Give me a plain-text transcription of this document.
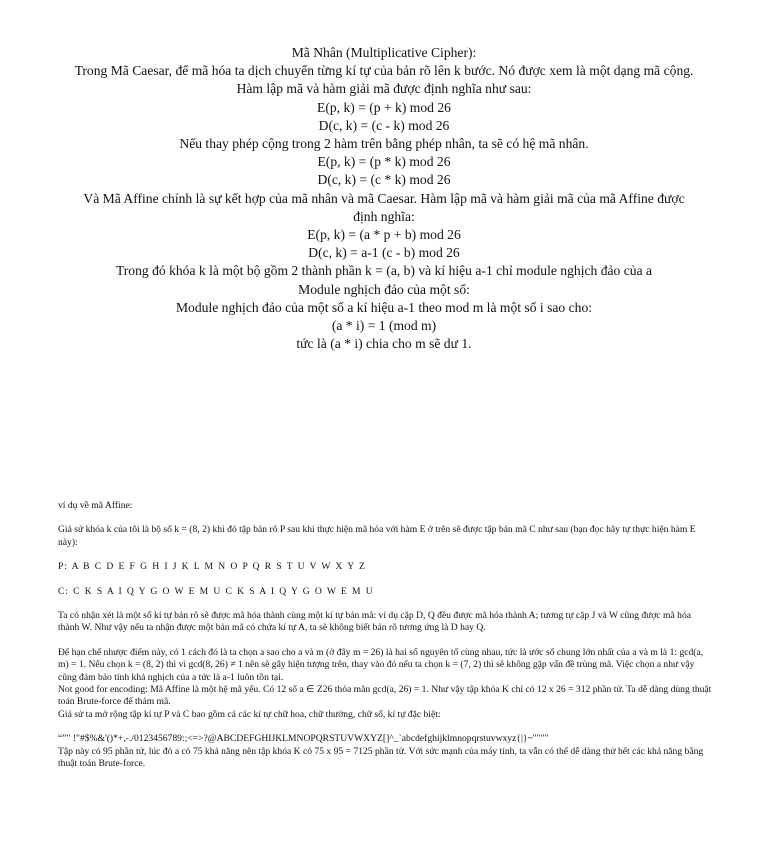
Mã Nhân (Multiplicative Cipher):

Trong Mã Caesar, để mã hóa ta dịch chuyển từng kí tự của bản rõ lên k bước. Nó được xem là một dạng mã cộng. Hàm lập mã và hàm giải mã được định nghĩa như sau:

E(p, k) = (p + k) mod 26

D(c, k) = (c - k) mod 26

Nếu thay phép cộng trong 2 hàm trên bằng phép nhân, ta sẽ có hệ mã nhân.

E(p, k) = (p * k) mod 26

D(c, k) = (c * k) mod 26

Và Mã Affine chính là sự kết hợp của mã nhân và mã Caesar. Hàm lập mã và hàm giải mã của mã Affine được định nghĩa:

E(p, k) = (a * p + b) mod 26

D(c, k) = a-1 (c - b) mod 26

Trong đó khóa k là một bộ gồm 2 thành phần k = (a, b) và kí hiệu a-1 chỉ module nghịch đảo của a

Module nghịch đảo của một số:

Module nghịch đảo của một số a kí hiệu a-1 theo mod m là một số i sao cho:

(a * i) = 1 (mod m)

tức là (a * i) chia cho m sẽ dư 1.

ví dụ về mã Affine:

Giả sử khóa k của tôi là bộ số k = (8, 2) khi đó tập bản rõ P sau khi thực hiện mã hóa với hàm E ở trên sẽ được tập bản mã C như sau (bạn đọc hãy tự thực hiện hàm E này):

P: A B C D E F G H I J K L M N O P Q R S T U V W X Y Z

C: C K S A I Q Y G O W E M U C K S A I Q Y G O W E M U

Ta có nhận xét là một số kí tự bản rõ sẽ được mã hóa thành cùng một kí tự bản mã: ví dụ cặp D, Q đều được mã hóa thành A; tương tự cặp J và W cũng được mã hóa thành W. Như vậy nếu ta nhận được một bản mã có chứa kí tự A, ta sẽ không biết bản rõ tương ứng là D hay Q.

Để hạn chế nhược điểm này, có 1 cách đó là ta chọn a sao cho a và m (ở đây m = 26) là hai số nguyên tố cùng nhau, tức là ước số chung lớn nhất của a và m là 1: gcd(a, m) = 1. Nếu chọn k = (8, 2) thì vì gcd(8, 26) ≠ 1 nên sẽ gây hiện tượng trên, thay vào đó nếu ta chọn k = (7, 2) thì sẽ không gặp vấn đề trùng mã. Việc chọn a như vậy cũng đảm bảo tính khả nghịch của a tức là a-1 luôn tồn tại.

Not good for encoding: Mã Affine là một hệ mã yếu. Có 12 số a ∈ Z26 thỏa mãn gcd(a, 26) = 1. Như vậy tập khóa K chỉ có 12 x 26 = 312 phần tử. Ta dễ dàng dùng thuật toán Brute-force để thám mã.

Giả sử ta mở rộng tập kí tự P và C bao gồm cả các kí tự chữ hoa, chữ thường, chữ số, kí tự đặc biệt:

“”" !"#$%&'()*+,-./0123456789:;<=>?@ABCDEFGHIJKLMNOPQRSTUVWXYZ[]^_`abcdefghijklmnopqrstuvwxyz{|}~""""

Tập này có 95 phần tử, lúc đó a có 75 khả năng nên tập khóa K có 75 x 95 = 7125 phần tử. Với sức mạnh của máy tính, ta vẫn có thể dễ dàng thử hết các khả năng bằng thuật toán Brute-force.
